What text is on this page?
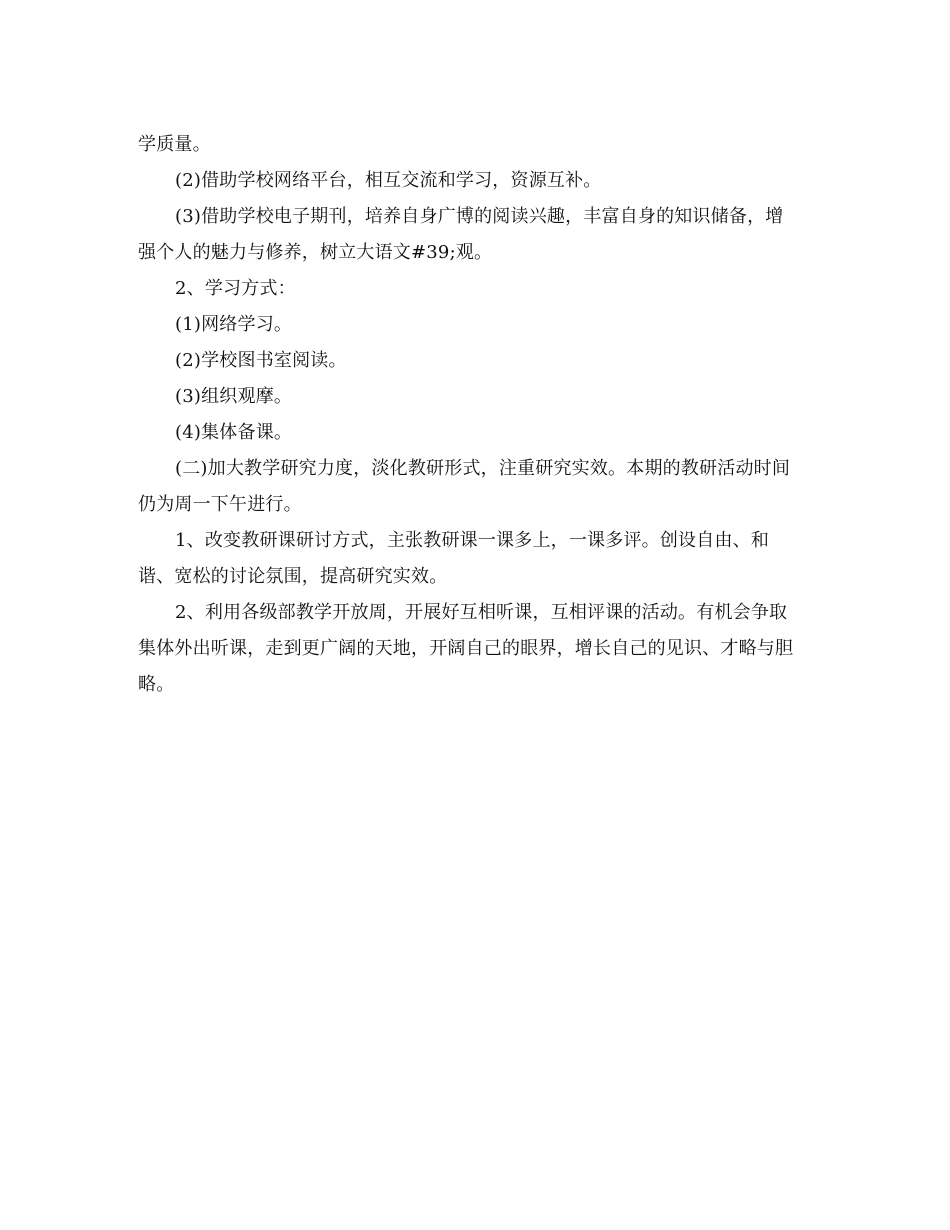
学质量。
(2)借助学校网络平台，相互交流和学习，资源互补。
(3)借助学校电子期刊，培养自身广博的阅读兴趣，丰富自身的知识储备，增
强个人的魅力与修养，树立大语文#39;观。
2、学习方式：
(1)网络学习。
(2)学校图书室阅读。
(3)组织观摩。
(4)集体备课。
(二)加大教学研究力度，淡化教研形式，注重研究实效。本期的教研活动时间
仍为周一下午进行。
1、改变教研课研讨方式，主张教研课一课多上，一课多评。创设自由、和
谐、宽松的讨论氛围，提高研究实效。
2、利用各级部教学开放周，开展好互相听课，互相评课的活动。有机会争取
集体外出听课，走到更广阔的天地，开阔自己的眼界，增长自己的见识、才略与胆
略。
